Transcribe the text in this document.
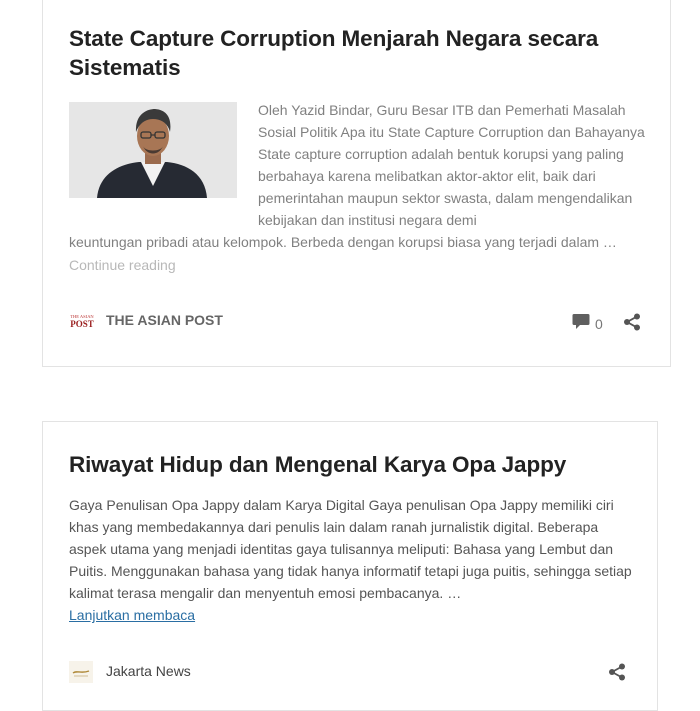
State Capture Corruption Menjarah Negara secara Sistematis

Oleh Yazid Bindar, Guru Besar ITB dan Pemerhati Masalah Sosial Politik Apa itu State Capture Corruption dan Bahayanya State capture corruption adalah bentuk korupsi yang paling berbahaya karena melibatkan aktor-aktor elit, baik dari pemerintahan maupun sektor swasta, dalam mengendalikan kebijakan dan institusi negara demi

keuntungan pribadi atau kelompok. Berbeda dengan korupsi biasa yang terjadi dalam …

Continue reading
THE ASIAN
POST THE ASIAN POST	0
Riwayat Hidup dan Mengenal Karya Opa Jappy

Gaya Penulisan Opa Jappy dalam Karya Digital Gaya penulisan Opa Jappy memiliki ciri khas yang membedakannya dari penulis lain dalam ranah jurnalistik digital. Beberapa aspek utama yang menjadi identitas gaya tulisannya meliputi: Bahasa yang Lembut dan Puitis. Menggunakan bahasa yang tidak hanya informatif tetapi juga puitis, sehingga setiap kalimat terasa mengalir dan menyentuh emosi pembacanya. …

Lanjutkan membaca
Jakarta News
